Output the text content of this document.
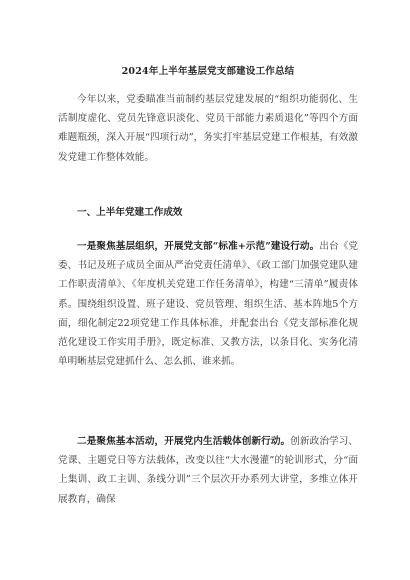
2024年上半年基层党支部建设工作总结

今年以来，党委瞄准当前制约基层党建发展的“组织功能弱化、生活制度虚化、党员先锋意识淡化、党员干部能力素质退化”等四个方面难题瓶颈，深入开展“四项行动”，务实打牢基层党建工作根基，有效激发党建工作整体效能。

一、上半年党建工作成效

一是聚焦基层组织，开展党支部“标准+示范”建设行动。出台《党委、书记及班子成员全面从严治党责任清单》、《政工部门加强党建队建工作职责清单》、《年度机关党建工作任务清单》，构建“三清单”履责体系。围绕组织设置、班子建设、党员管理、组织生活、基本阵地5个方面，细化制定22项党建工作具体标准，并配套出台《党支部标准化规范化建设工作实用手册》，既定标准、又教方法，以条目化、实务化清单明晰基层党建抓什么、怎么抓、谁来抓。

二是聚焦基本活动，开展党内生活载体创新行动。创新政治学习、党课、主题党日等方法载体，改变以往“大水漫灌”的轮训形式，分“面上集训、政工主训、条线分训”三个层次开办系列大讲堂，多维立体开展教育，确保
